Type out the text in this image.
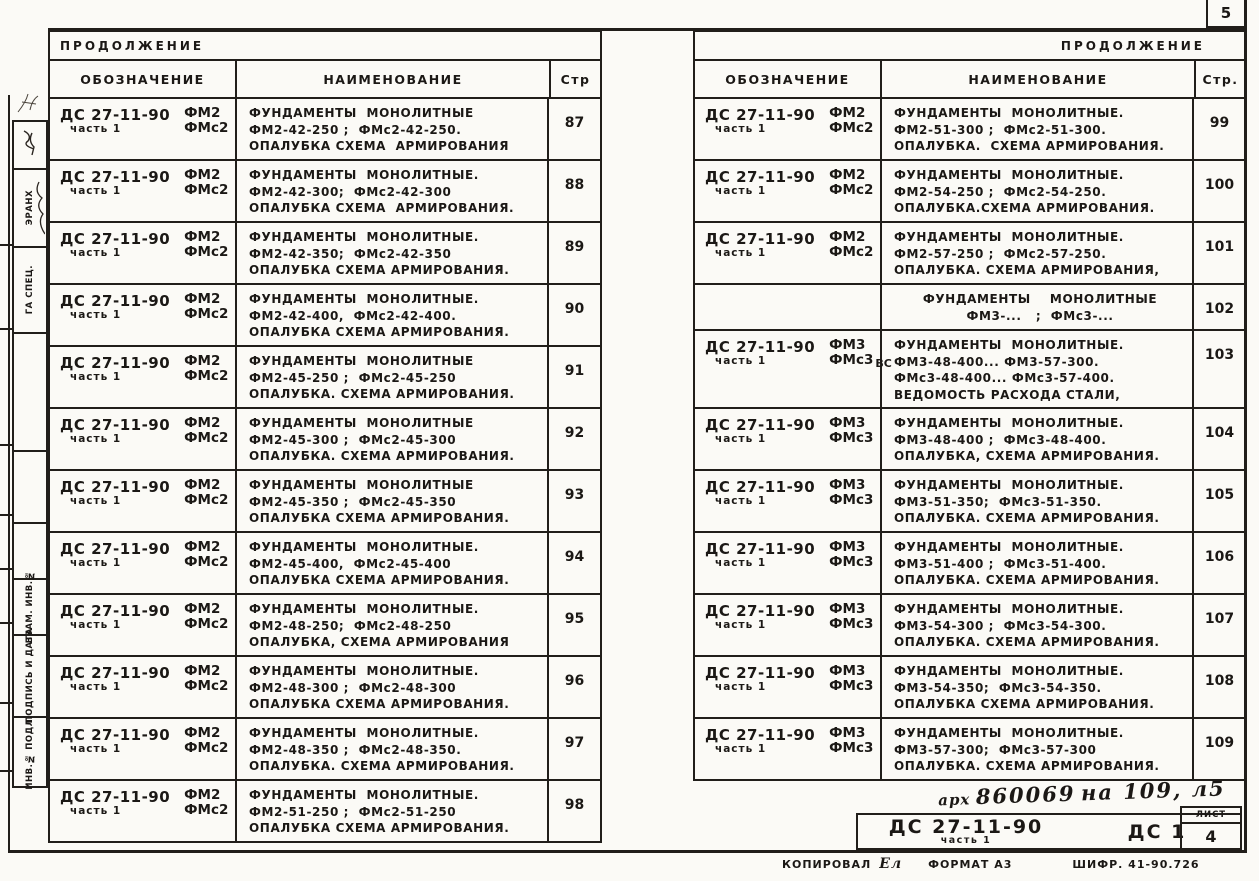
5
ЭРАНХ
ГА СПЕЦ.
ВЗАМ. ИНВ.№
ПОДПИСЬ И ДАТА
ИНВ.№ ПОДЛ.
ПРОДОЛЖЕНИЕ
ОБОЗНАЧЕНИЕ	НАИМЕНОВАНИЕ	Стр
ДС 27-11-90
часть 1
ФМ2
ФМс2
ФУНДАМЕНТЫ  МОНОЛИТНЫЕ
ФМ2-42-250 ;  ФМс2-42-250.
ОПАЛУБКА СХЕМА  АРМИРОВАНИЯ
87
ДС 27-11-90
часть 1
ФМ2
ФМс2
ФУНДАМЕНТЫ  МОНОЛИТНЫЕ.
ФМ2-42-300;  ФМс2-42-300
ОПАЛУБКА СХЕМА  АРМИРОВАНИЯ.
88
ДС 27-11-90
часть 1
ФМ2
ФМс2
ФУНДАМЕНТЫ  МОНОЛИТНЫЕ.
ФМ2-42-350;  ФМс2-42-350
ОПАЛУБКА СХЕМА АРМИРОВАНИЯ.
89
ДС 27-11-90
часть 1
ФМ2
ФМс2
ФУНДАМЕНТЫ  МОНОЛИТНЫЕ.
ФМ2-42-400,  ФМс2-42-400.
ОПАЛУБКА СХЕМА АРМИРОВАНИЯ.
90
ДС 27-11-90
часть 1
ФМ2
ФМс2
ФУНДАМЕНТЫ  МОНОЛИТНЫЕ
ФМ2-45-250 ;  ФМс2-45-250
ОПАЛУБКА. СХЕМА АРМИРОВАНИЯ.
91
ДС 27-11-90
часть 1
ФМ2
ФМс2
ФУНДАМЕНТЫ  МОНОЛИТНЫЕ
ФМ2-45-300 ;  ФМс2-45-300
ОПАЛУБКА. СХЕМА АРМИРОВАНИЯ.
92
ДС 27-11-90
часть 1
ФМ2
ФМс2
ФУНДАМЕНТЫ  МОНОЛИТНЫЕ
ФМ2-45-350 ;  ФМс2-45-350
ОПАЛУБКА СХЕМА АРМИРОВАНИЯ.
93
ДС 27-11-90
часть 1
ФМ2
ФМс2
ФУНДАМЕНТЫ  МОНОЛИТНЫЕ.
ФМ2-45-400,  ФМс2-45-400
ОПАЛУБКА СХЕМА АРМИРОВАНИЯ.
94
ДС 27-11-90
часть 1
ФМ2
ФМс2
ФУНДАМЕНТЫ  МОНОЛИТНЫЕ.
ФМ2-48-250;  ФМс2-48-250
ОПАЛУБКА, СХЕМА АРМИРОВАНИЯ
95
ДС 27-11-90
часть 1
ФМ2
ФМс2
ФУНДАМЕНТЫ  МОНОЛИТНЫЕ.
ФМ2-48-300 ;  ФМс2-48-300
ОПАЛУБКА СХЕМА АРМИРОВАНИЯ.
96
ДС 27-11-90
часть 1
ФМ2
ФМс2
ФУНДАМЕНТЫ  МОНОЛИТНЫЕ.
ФМ2-48-350 ;  ФМс2-48-350.
ОПАЛУБКА. СХЕМА АРМИРОВАНИЯ.
97
ДС 27-11-90
часть 1
ФМ2
ФМс2
ФУНДАМЕНТЫ  МОНОЛИТНЫЕ.
ФМ2-51-250 ;  ФМс2-51-250
ОПАЛУБКА СХЕМА АРМИРОВАНИЯ.
98
ПРОДОЛЖЕНИЕ
ОБОЗНАЧЕНИЕ	НАИМЕНОВАНИЕ	Стр.
ДС 27-11-90
часть 1
ФМ2
ФМс2
ФУНДАМЕНТЫ  МОНОЛИТНЫЕ.
ФМ2-51-300 ;  ФМс2-51-300.
ОПАЛУБКА.  СХЕМА АРМИРОВАНИЯ.
99
ДС 27-11-90
часть 1
ФМ2
ФМс2
ФУНДАМЕНТЫ  МОНОЛИТНЫЕ.
ФМ2-54-250 ;  ФМс2-54-250.
ОПАЛУБКА.СХЕМА АРМИРОВАНИЯ.
100
ДС 27-11-90
часть 1
ФМ2
ФМс2
ФУНДАМЕНТЫ  МОНОЛИТНЫЕ.
ФМ2-57-250 ;  ФМс2-57-250.
ОПАЛУБКА. СХЕМА АРМИРОВАНИЯ,
101
ФУНДАМЕНТЫ    МОНОЛИТНЫЕ
ФМ3-...   ;  ФМс3-...	102
ДС 27-11-90
часть 1
ФМ3
ФМс3 $_{ВС}$
ФУНДАМЕНТЫ  МОНОЛИТНЫЕ.
ФМ3-48-400... ФМ3-57-300.
ФМс3-48-400... ФМс3-57-400.
ВЕДОМОСТЬ РАСХОДА СТАЛИ,
103
ДС 27-11-90
часть 1
ФМ3
ФМс3
ФУНДАМЕНТЫ  МОНОЛИТНЫЕ.
ФМ3-48-400 ;  ФМс3-48-400.
ОПАЛУБКА, СХЕМА АРМИРОВАНИЯ.
104
ДС 27-11-90
часть 1
ФМ3
ФМс3
ФУНДАМЕНТЫ  МОНОЛИТНЫЕ.
ФМ3-51-350;  ФМс3-51-350.
ОПАЛУБКА. СХЕМА АРМИРОВАНИЯ.
105
ДС 27-11-90
часть 1
ФМ3
ФМс3
ФУНДАМЕНТЫ  МОНОЛИТНЫЕ.
ФМ3-51-400 ;  ФМс3-51-400.
ОПАЛУБКА. СХЕМА АРМИРОВАНИЯ.
106
ДС 27-11-90
часть 1
ФМ3
ФМс3
ФУНДАМЕНТЫ  МОНОЛИТНЫЕ.
ФМ3-54-300 ;  ФМс3-54-300.
ОПАЛУБКА. СХЕМА АРМИРОВАНИЯ.
107
ДС 27-11-90
часть 1
ФМ3
ФМс3
ФУНДАМЕНТЫ  МОНОЛИТНЫЕ.
ФМ3-54-350;  ФМс3-54-350.
ОПАЛУБКА СХЕМА АРМИРОВАНИЯ.
108
ДС 27-11-90
часть 1
ФМ3
ФМс3
ФУНДАМЕНТЫ  МОНОЛИТНЫЕ.
ФМ3-57-300;  ФМс3-57-300
ОПАЛУБКА. СХЕМА АРМИРОВАНИЯ.
109
арх 860069 на 109, л5
ДС 27-11-90
часть 1	ДС 1
ЛИСТ
4
КОПИРОВАЛ Ел ФОРМАТ А3	ШИФР. 41-90.726
